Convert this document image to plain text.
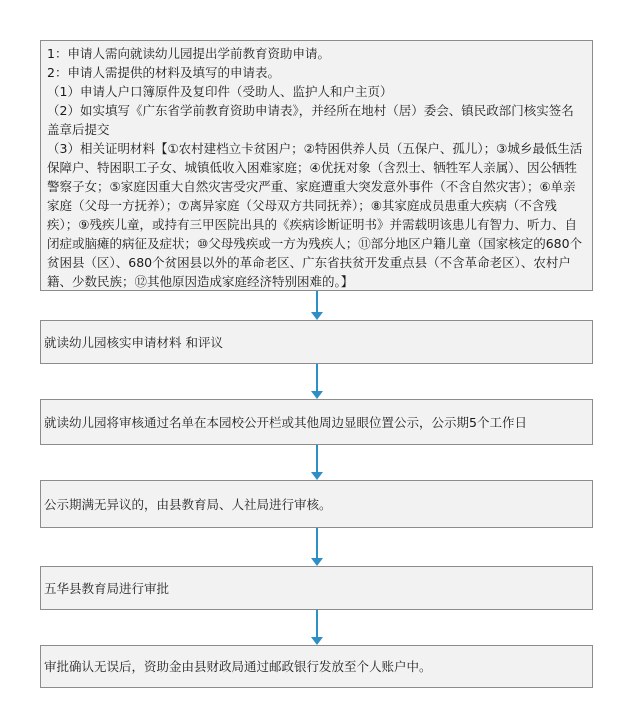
1：申请人需向就读幼儿园提出学前教育资助申请。
2：申请人需提供的材料及填写的申请表。
（1）申请人户口簿原件及复印件（受助人、监护人和户主页）
（2）如实填写《广东省学前教育资助申请表》，并经所在地村（居）委会、镇民政部门核实签名盖章后提交
（3）相关证明材料【①农村建档立卡贫困户；②特困供养人员（五保户、孤儿）；③城乡最低生活保障户、特困职工子女、城镇低收入困难家庭；④优抚对象（含烈士、牺牲军人亲属）、因公牺牲警察子女；⑤家庭因重大自然灾害受灾严重、家庭遭重大突发意外事件（不含自然灾害）；⑥单亲家庭（父母一方抚养）；⑦离异家庭（父母双方共同抚养）；⑧其家庭成员患重大疾病（不含残疾）；⑨残疾儿童，或持有三甲医院出具的《疾病诊断证明书》并需载明该患儿有智力、听力、自闭症或脑瘫的病征及症状；⑩父母残疾或一方为残疾人；⑪部分地区户籍儿童（国家核定的680个贫困县（区）、680个贫困县以外的革命老区、广东省扶贫开发重点县（不含革命老区）、农村户籍、少数民族；⑫其他原因造成家庭经济特别困难的。】
就读幼儿园核实申请材料 和评议
就读幼儿园将审核通过名单在本园校公开栏或其他周边显眼位置公示，公示期5个工作日
公示期满无异议的，由县教育局、人社局进行审核。
五华县教育局进行审批
审批确认无误后，资助金由县财政局通过邮政银行发放至个人账户中。
